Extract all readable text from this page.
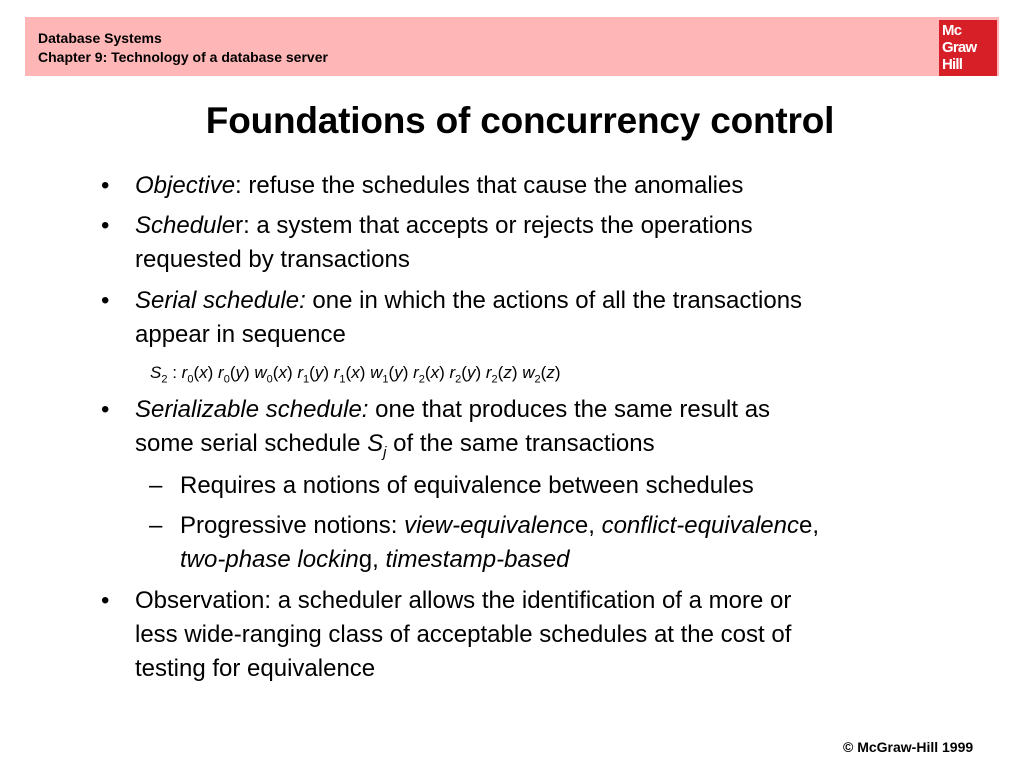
Database Systems
Chapter 9: Technology of a database server
Mc
Graw
Hill
Foundations of concurrency control
• Objective: refuse the schedules that cause the anomalies
• Scheduler: a system that accepts or rejects the operations
requested by transactions
• Serial schedule: one in which the actions of all the transactions
appear in sequence
$S_2$ : $r_0(x)$ $r_0(y)$ $w_0(x)$ $r_1(y)$ $r_1(x)$ $w_1(y)$ $r_2(x)$ $r_2(y)$ $r_2(z)$ $w_2(z)$
• Serializable schedule: one that produces the same result as
some serial schedule $S_j$ of the same transactions
– Requires a notions of equivalence between schedules
– Progressive notions: view-equivalence, conflict-equivalence,
two-phase locking, timestamp-based
• Observation: a scheduler allows the identification of a more or
less wide-ranging class of acceptable schedules at the cost of
testing for equivalence
© McGraw-Hill 1999
